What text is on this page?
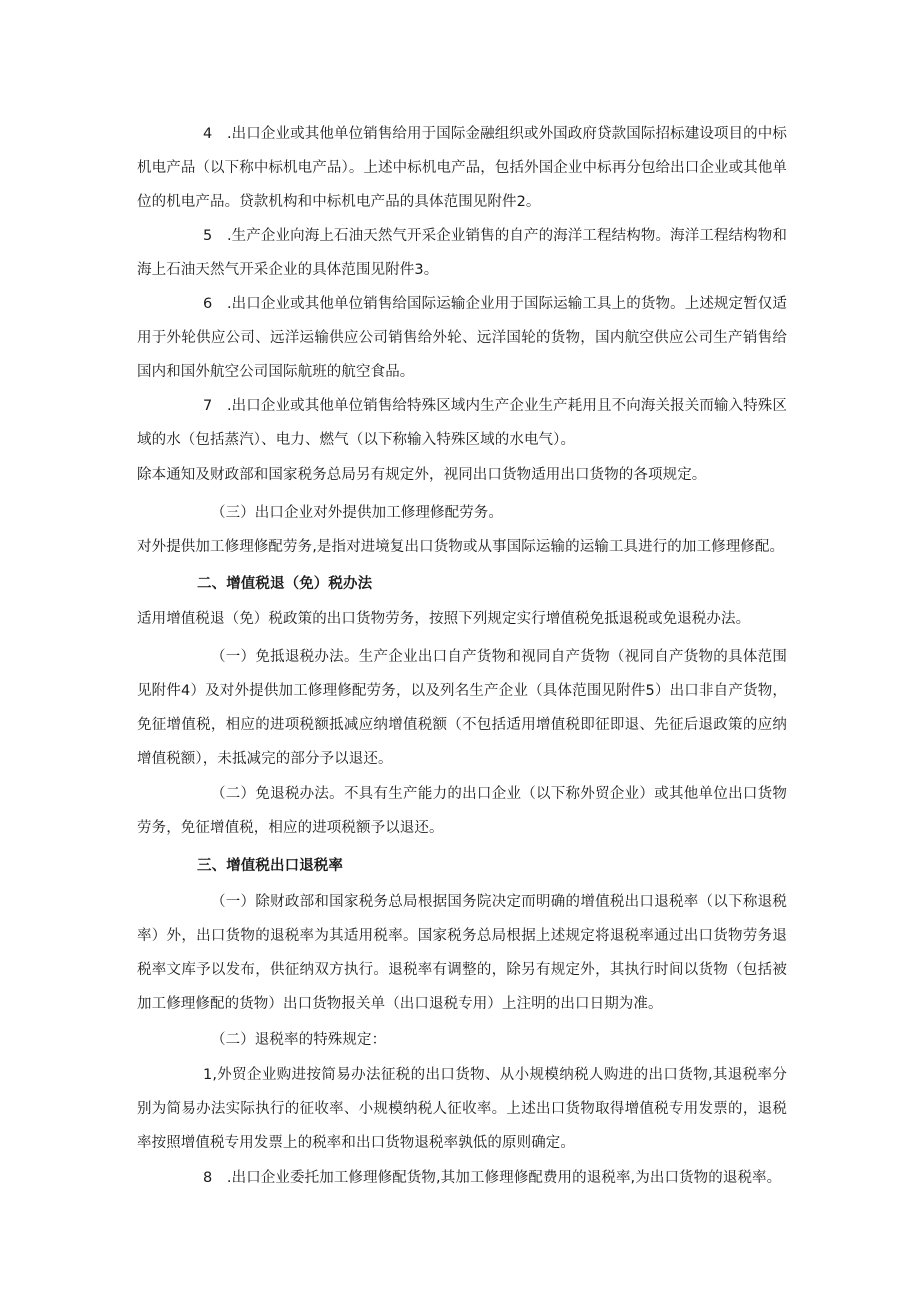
4　.出口企业或其他单位销售给用于国际金融组织或外国政府贷款国际招标建设项目的中标机电产品（以下称中标机电产品）。上述中标机电产品，包括外国企业中标再分包给出口企业或其他单位的机电产品。贷款机构和中标机电产品的具体范围见附件2。

5　.生产企业向海上石油天然气开采企业销售的自产的海洋工程结构物。海洋工程结构物和海上石油天然气开采企业的具体范围见附件3。

6　.出口企业或其他单位销售给国际运输企业用于国际运输工具上的货物。上述规定暂仅适用于外轮供应公司、远洋运输供应公司销售给外轮、远洋国轮的货物，国内航空供应公司生产销售给国内和国外航空公司国际航班的航空食品。

7　.出口企业或其他单位销售给特殊区域内生产企业生产耗用且不向海关报关而输入特殊区域的水（包括蒸汽）、电力、燃气（以下称输入特殊区域的水电气）。

除本通知及财政部和国家税务总局另有规定外，视同出口货物适用出口货物的各项规定。

（三）出口企业对外提供加工修理修配劳务。

对外提供加工修理修配劳务,是指对进境复出口货物或从事国际运输的运输工具进行的加工修理修配。

二、增值税退（免）税办法

适用增值税退（免）税政策的出口货物劳务，按照下列规定实行增值税免抵退税或免退税办法。

（一）免抵退税办法。生产企业出口自产货物和视同自产货物（视同自产货物的具体范围见附件4）及对外提供加工修理修配劳务，以及列名生产企业（具体范围见附件5）出口非自产货物，免征增值税，相应的进项税额抵减应纳增值税额（不包括适用增值税即征即退、先征后退政策的应纳增值税额），未抵减完的部分予以退还。

（二）免退税办法。不具有生产能力的出口企业（以下称外贸企业）或其他单位出口货物劳务，免征增值税，相应的进项税额予以退还。

三、增值税出口退税率

（一）除财政部和国家税务总局根据国务院决定而明确的增值税出口退税率（以下称退税率）外，出口货物的退税率为其适用税率。国家税务总局根据上述规定将退税率通过出口货物劳务退税率文库予以发布，供征纳双方执行。退税率有调整的，除另有规定外，其执行时间以货物（包括被加工修理修配的货物）出口货物报关单（出口退税专用）上注明的出口日期为准。

（二）退税率的特殊规定：

1,外贸企业购进按简易办法征税的出口货物、从小规模纳税人购进的出口货物,其退税率分别为简易办法实际执行的征收率、小规模纳税人征收率。上述出口货物取得增值税专用发票的，退税率按照增值税专用发票上的税率和出口货物退税率孰低的原则确定。

8　.出口企业委托加工修理修配货物,其加工修理修配费用的退税率,为出口货物的退税率。
